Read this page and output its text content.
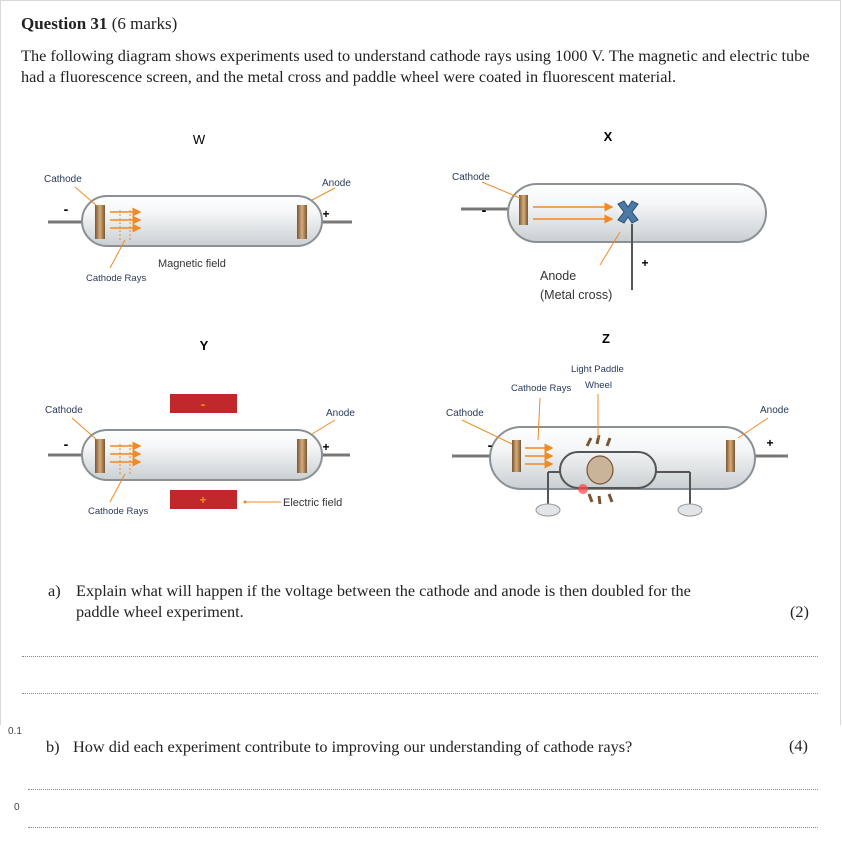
Question 31 (6 marks)
The following diagram shows experiments used to understand cathode rays using 1000 V. The magnetic and electric tube had a fluorescence screen, and the metal cross and paddle wheel were coated in fluorescent material.
W
-	+
Cathode	Anode
Cathode Rays
Magnetic field
X
-
+
Cathode
Anode
(Metal cross)
Y
-
+
-	+
Cathode	Anode
Cathode Rays
Electric field
Z
-	+
Cathode	Anode
Cathode Rays
Light Paddle
Wheel
a) Explain what will happen if the voltage between the cathode and anode is then doubled for the
paddle wheel experiment.	(2)
0.1
0
b) How did each experiment contribute to improving our understanding of cathode rays?	(4)
